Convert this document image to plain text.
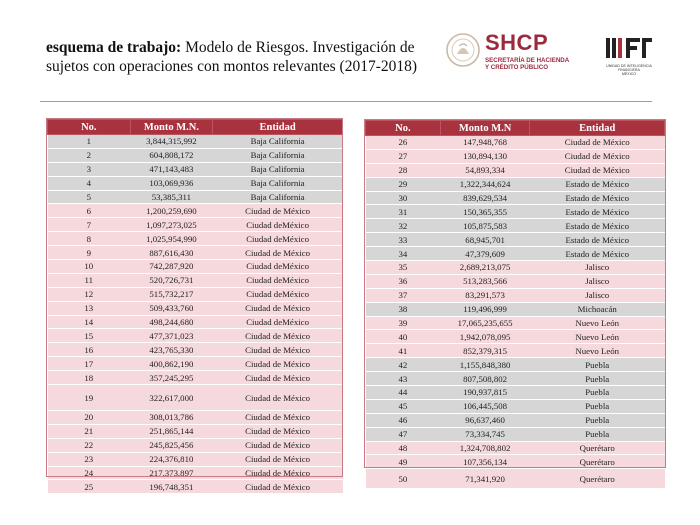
esquema de trabajo: Modelo de Riesgos. Investigación de sujetos con operaciones con montos relevantes (2017-2018)
SHCP
SECRETARÍA DE HACIENDA
Y CRÉDITO PÚBLICO	UNIDAD DE INTELIGENCIA FINANCIERA
MÉXICO
No.	Monto M.N.	Entidad
1	3,844,315,992	Baja California
2	604,808,172	Baja California
3	471,143,483	Baja California
4	103,069,936	Baja California
5	53,385,311	Baja California
6	1,200,259,690	Ciudad de México
7	1,097,273,025	Ciudad deMéxico
8	1,025,954,990	Ciudad deMéxico
9	887,616,430	Ciudad de México
10	742,287,920	Ciudad deMéxico
11	520,726,731	Ciudad deMéxico
12	515,732,217	Ciudad deMéxico
13	509,433,760	Ciudad de México
14	498,244,680	Ciudad deMéxico
15	477,371,023	Ciudad de México
16	423,765,330	Ciudad de México
17	400,862,190	Ciudad de México
18	357,245,295	Ciudad de México
19	322,617,000	Ciudad de México
20	308,013,786	Ciudad de México
21	251,865,144	Ciudad de México
22	245,825,456	Ciudad de México
23	224,376,810	Ciudad de México
24	217,373,897	Ciudad de México
25	196,748,351	Ciudad de México
No.	Monto M.N	Entidad
26	147,948,768	Ciudad de México
27	130,894,130	Ciudad de México
28	54,893,334	Ciudad de México
29	1,322,344,624	Estado de México
30	839,629,534	Estado de México
31	150,365,355	Estado de México
32	105,875,583	Estado de México
33	68,945,701	Estado de México
34	47,379,609	Estado de México
35	2,689,213,075	Jalisco
36	513,283,566	Jalisco
37	83,291,573	Jalisco
38	119,496,999	Michoacán
39	17,065,235,655	Nuevo León
40	1,942,078,095	Nuevo León
41	852,379,315	Nuevo León
42	1,155,848,380	Puebla
43	807,508,802	Puebla
44	190,937,815	Puebla
45	106,445,508	Puebla
46	96,637,460	Puebla
47	73,334,745	Puebla
48	1,324,708,802	Querétaro
49	107,356,134	Querétaro
50	71,341,920	Querétaro
